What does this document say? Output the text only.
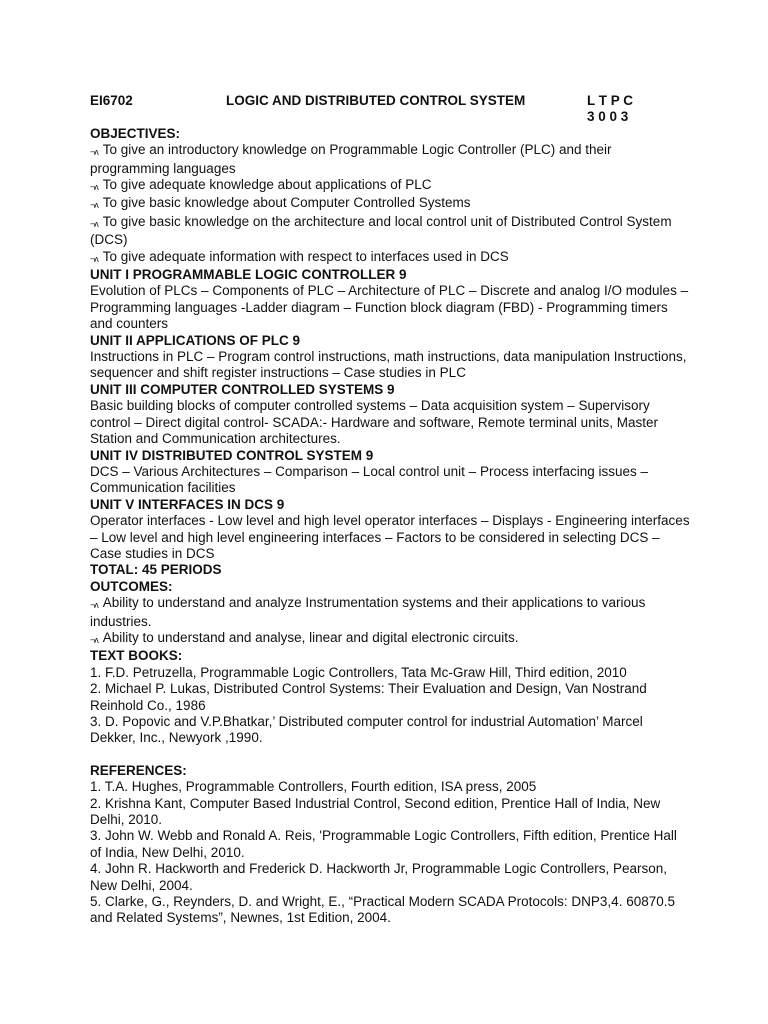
EI6702	LOGIC AND DISTRIBUTED CONTROL SYSTEM	L T P C
3 0 0 3
OBJECTIVES:
¬ᴧ To give an introductory knowledge on Programmable Logic Controller (PLC) and their programming languages
¬ᴧ To give adequate knowledge about applications of PLC
¬ᴧ To give basic knowledge about Computer Controlled Systems
¬ᴧ To give basic knowledge on the architecture and local control unit of Distributed Control System (DCS)
¬ᴧ To give adequate information with respect to interfaces used in DCS
UNIT I PROGRAMMABLE LOGIC CONTROLLER 9
Evolution of PLCs – Components of PLC – Architecture of PLC – Discrete and analog I/O modules – Programming languages -Ladder diagram – Function block diagram (FBD) - Programming timers and counters
UNIT II APPLICATIONS OF PLC 9
Instructions in PLC – Program control instructions, math instructions, data manipulation Instructions, sequencer and shift register instructions – Case studies in PLC
UNIT III COMPUTER CONTROLLED SYSTEMS 9
Basic building blocks of computer controlled systems – Data acquisition system – Supervisory control – Direct digital control- SCADA:- Hardware and software, Remote terminal units, Master Station and Communication architectures.
UNIT IV DISTRIBUTED CONTROL SYSTEM 9
DCS – Various Architectures – Comparison – Local control unit – Process interfacing issues – Communication facilities
UNIT V INTERFACES IN DCS 9
Operator interfaces - Low level and high level operator interfaces – Displays - Engineering interfaces – Low level and high level engineering interfaces – Factors to be considered in selecting DCS – Case studies in DCS
TOTAL: 45 PERIODS
OUTCOMES:
¬ᴧ Ability to understand and analyze Instrumentation systems and their applications to various industries.
¬ᴧ Ability to understand and analyse, linear and digital electronic circuits.
TEXT BOOKS:
1. F.D. Petruzella, Programmable Logic Controllers, Tata Mc-Graw Hill, Third edition, 2010
2. Michael P. Lukas, Distributed Control Systems: Their Evaluation and Design, Van Nostrand Reinhold Co., 1986
3. D. Popovic and V.P.Bhatkar,’ Distributed computer control for industrial Automation’ Marcel Dekker, Inc., Newyork ,1990.
REFERENCES:
1. T.A. Hughes, Programmable Controllers, Fourth edition, ISA press, 2005
2. Krishna Kant, Computer Based Industrial Control, Second edition, Prentice Hall of India, New Delhi, 2010.
3. John W. Webb and Ronald A. Reis, 'Programmable Logic Controllers, Fifth edition, Prentice Hall of India, New Delhi, 2010.
4. John R. Hackworth and Frederick D. Hackworth Jr, Programmable Logic Controllers, Pearson, New Delhi, 2004.
5. Clarke, G., Reynders, D. and Wright, E., “Practical Modern SCADA Protocols: DNP3,4. 60870.5 and Related Systems”, Newnes, 1st Edition, 2004.
